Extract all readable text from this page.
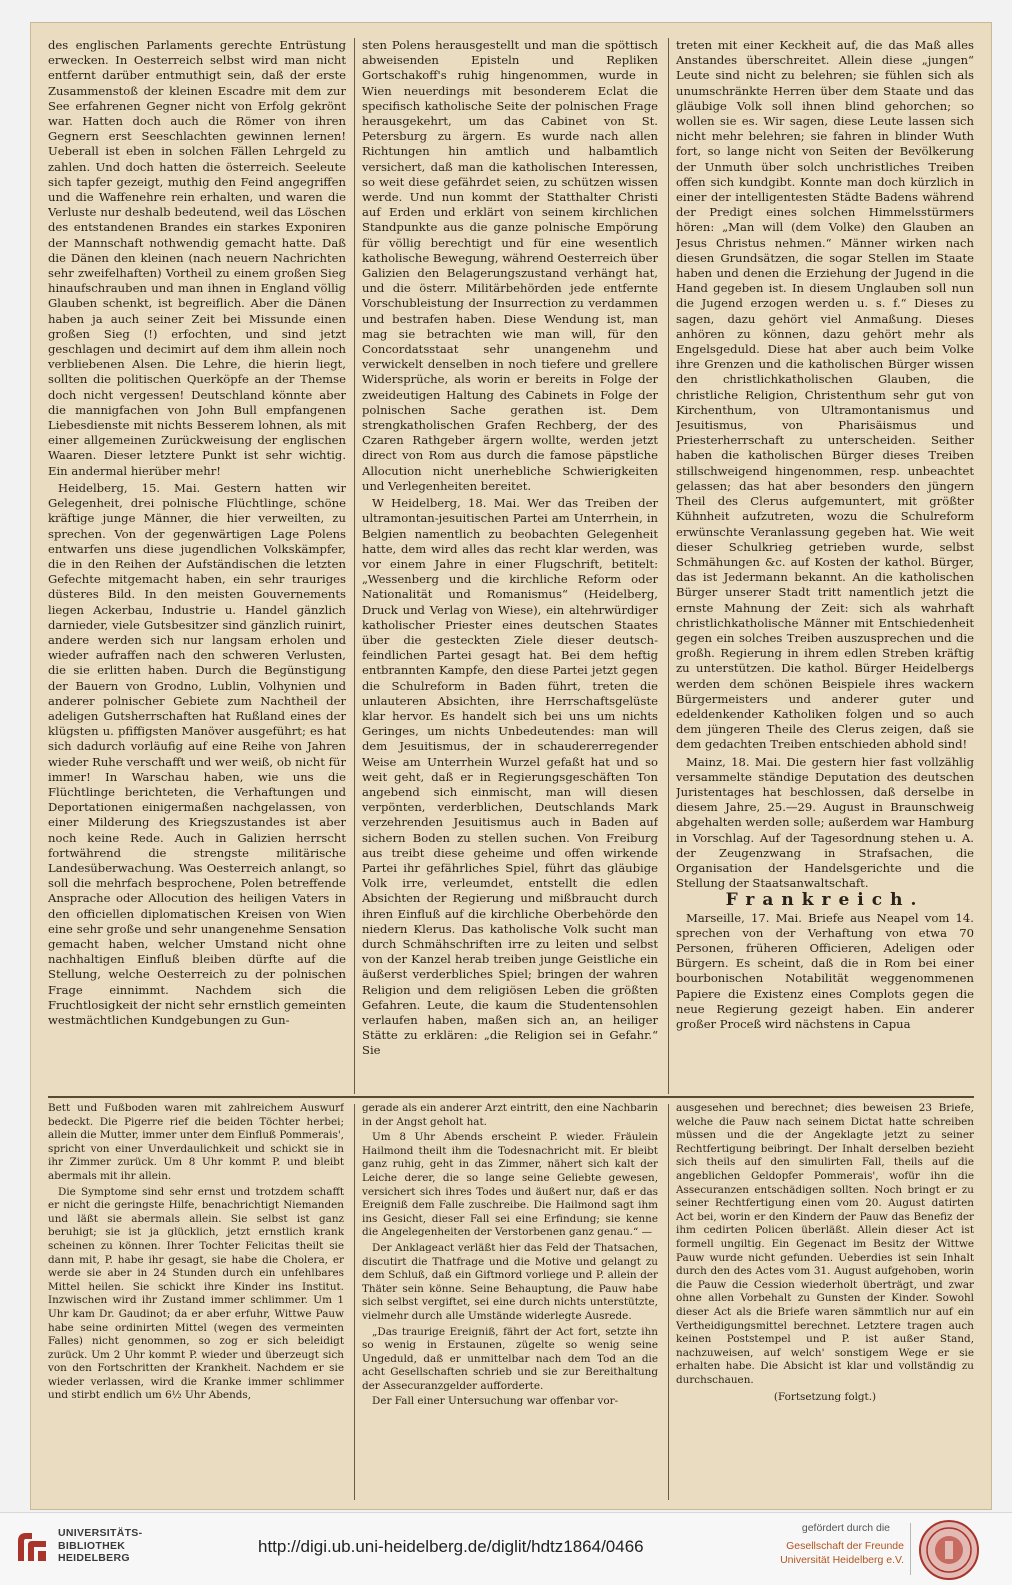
des englischen Parlaments gerechte Entrüstung erwecken. In Oesterreich selbst wird man nicht entfernt darüber entmuthigt sein, daß der erste Zusammenstoß der kleinen Escadre mit dem zur See erfahrenen Gegner nicht von Erfolg gekrönt war. Hatten doch auch die Römer von ihren Gegnern erst Seeschlachten gewinnen lernen! Ueberall ist eben in solchen Fällen Lehrgeld zu zahlen. Und doch hatten die österreich. Seeleute sich tapfer gezeigt, muthig den Feind angegriffen und die Waffenehre rein erhalten, und waren die Verluste nur deshalb bedeutend, weil das Löschen des entstandenen Brandes ein starkes Exponiren der Mannschaft nothwendig gemacht hatte. Daß die Dänen den kleinen (nach neuern Nachrichten sehr zweifelhaften) Vortheil zu einem großen Sieg hinaufschrauben und man ihnen in England völlig Glauben schenkt, ist begreiflich. Aber die Dänen haben ja auch seiner Zeit bei Missunde einen großen Sieg (!) erfochten, und sind jetzt geschlagen und decimirt auf dem ihm allein noch verbliebenen Alsen. Die Lehre, die hierin liegt, sollten die politischen Querköpfe an der Themse doch nicht vergessen! Deutschland könnte aber die mannigfachen von John Bull empfangenen Liebesdienste mit nichts Besserem lohnen, als mit einer allgemeinen Zurückweisung der englischen Waaren. Dieser letztere Punkt ist sehr wichtig. Ein andermal hierüber mehr!

Heidelberg, 15. Mai. Gestern hatten wir Gelegenheit, drei polnische Flüchtlinge, schöne kräftige junge Männer, die hier verweilten, zu sprechen. Von der gegenwärtigen Lage Polens entwarfen uns diese jugendlichen Volkskämpfer, die in den Reihen der Aufständischen die letzten Gefechte mitgemacht haben, ein sehr trauriges düsteres Bild. In den meisten Gouvernements liegen Ackerbau, Industrie u. Handel gänzlich darnieder, viele Gutsbesitzer sind gänzlich ruinirt, andere werden sich nur langsam erholen und wieder aufraffen nach den schweren Verlusten, die sie erlitten haben. Durch die Begünstigung der Bauern von Grodno, Lublin, Volhynien und anderer polnischer Gebiete zum Nachtheil der adeligen Gutsherrschaften hat Rußland eines der klügsten u. pfiffigsten Manöver ausgeführt; es hat sich dadurch vorläufig auf eine Reihe von Jahren wieder Ruhe verschafft und wer weiß, ob nicht für immer! In Warschau haben, wie uns die Flüchtlinge berichteten, die Verhaftungen und Deportationen einigermaßen nachgelassen, von einer Milderung des Kriegszustandes ist aber noch keine Rede. Auch in Galizien herrscht fortwährend die strengste militärische Landesüberwachung. Was Oesterreich anlangt, so soll die mehrfach besprochene, Polen betreffende Ansprache oder Allocution des heiligen Vaters in den officiellen diplomatischen Kreisen von Wien eine sehr große und sehr unangenehme Sensation gemacht haben, welcher Umstand nicht ohne nachhaltigen Einfluß bleiben dürfte auf die Stellung, welche Oesterreich zu der polnischen Frage einnimmt. Nachdem sich die Fruchtlosigkeit der nicht sehr ernstlich gemeinten westmächtlichen Kundgebungen zu Gun-

sten Polens herausgestellt und man die spöttisch abweisenden Episteln und Repliken Gortschakoff's ruhig hingenommen, wurde in Wien neuerdings mit besonderem Eclat die specifisch katholische Seite der polnischen Frage herausgekehrt, um das Cabinet von St. Petersburg zu ärgern. Es wurde nach allen Richtungen hin amtlich und halbamtlich versichert, daß man die katholischen Interessen, so weit diese gefährdet seien, zu schützen wissen werde. Und nun kommt der Statthalter Christi auf Erden und erklärt von seinem kirchlichen Standpunkte aus die ganze polnische Empörung für völlig berechtigt und für eine wesentlich katholische Bewegung, während Oesterreich über Galizien den Belagerungszustand verhängt hat, und die österr. Militärbehörden jede entfernte Vorschubleistung der Insurrection zu verdammen und bestrafen haben. Diese Wendung ist, man mag sie betrachten wie man will, für den Concordatsstaat sehr unangenehm und verwickelt denselben in noch tiefere und grellere Widersprüche, als worin er bereits in Folge der zweideutigen Haltung des Cabinets in Folge der polnischen Sache gerathen ist. Dem strengkatholischen Grafen Rechberg, der des Czaren Rathgeber ärgern wollte, werden jetzt direct von Rom aus durch die famose päpstliche Allocution nicht unerhebliche Schwierigkeiten und Verlegenheiten bereitet.

W Heidelberg, 18. Mai. Wer das Treiben der ultramontan-jesuitischen Partei am Unterrhein, in Belgien namentlich zu beobachten Gelegenheit hatte, dem wird alles das recht klar werden, was vor einem Jahre in einer Flugschrift, betitelt: „Wessenberg und die kirchliche Reform oder Nationalität und Romanismus“ (Heidelberg, Druck und Verlag von Wiese), ein altehrwürdiger katholischer Priester eines deutschen Staates über die gesteckten Ziele dieser deutsch-feindlichen Partei gesagt hat. Bei dem heftig entbrannten Kampfe, den diese Partei jetzt gegen die Schulreform in Baden führt, treten die unlauteren Absichten, ihre Herrschaftsgelüste klar hervor. Es handelt sich bei uns um nichts Geringes, um nichts Unbedeutendes: man will dem Jesuitismus, der in schaudererregender Weise am Unterrhein Wurzel gefaßt hat und so weit geht, daß er in Regierungsgeschäften Ton angebend sich einmischt, man will diesen verpönten, verderblichen, Deutschlands Mark verzehrenden Jesuitismus auch in Baden auf sichern Boden zu stellen suchen. Von Freiburg aus treibt diese geheime und offen wirkende Partei ihr gefährliches Spiel, führt das gläubige Volk irre, verleumdet, entstellt die edlen Absichten der Regierung und mißbraucht durch ihren Einfluß auf die kirchliche Oberbehörde den niedern Klerus. Das katholische Volk sucht man durch Schmähschriften irre zu leiten und selbst von der Kanzel herab treiben junge Geistliche ein äußerst verderbliches Spiel; bringen der wahren Religion und dem religiösen Leben die größten Gefahren. Leute, die kaum die Studentensohlen verlaufen haben, maßen sich an, an heiliger Stätte zu erklären: „die Religion sei in Gefahr.“ Sie

treten mit einer Keckheit auf, die das Maß alles Anstandes überschreitet. Allein diese „jungen“ Leute sind nicht zu belehren; sie fühlen sich als unumschränkte Herren über dem Staate und das gläubige Volk soll ihnen blind gehorchen; so wollen sie es. Wir sagen, diese Leute lassen sich nicht mehr belehren; sie fahren in blinder Wuth fort, so lange nicht von Seiten der Bevölkerung der Unmuth über solch unchristliches Treiben offen sich kundgibt. Konnte man doch kürzlich in einer der intelligentesten Städte Badens während der Predigt eines solchen Himmelsstürmers hören: „Man will (dem Volke) den Glauben an Jesus Christus nehmen.“ Männer wirken nach diesen Grundsätzen, die sogar Stellen im Staate haben und denen die Erziehung der Jugend in die Hand gegeben ist. In diesem Unglauben soll nun die Jugend erzogen werden u. s. f.“ Dieses zu sagen, dazu gehört viel Anmaßung. Dieses anhören zu können, dazu gehört mehr als Engelsgeduld. Diese hat aber auch beim Volke ihre Grenzen und die katholischen Bürger wissen den christlichkatholischen Glauben, die christliche Religion, Christenthum sehr gut von Kirchenthum, von Ultramontanismus und Jesuitismus, von Pharisäismus und Priesterherrschaft zu unterscheiden. Seither haben die katholischen Bürger dieses Treiben stillschweigend hingenommen, resp. unbeachtet gelassen; das hat aber besonders den jüngern Theil des Clerus aufgemuntert, mit größter Kühnheit aufzutreten, wozu die Schulreform erwünschte Veranlassung gegeben hat. Wie weit dieser Schulkrieg getrieben wurde, selbst Schmähungen &c. auf Kosten der kathol. Bürger, das ist Jedermann bekannt. An die katholischen Bürger unserer Stadt tritt namentlich jetzt die ernste Mahnung der Zeit: sich als wahrhaft christlichkatholische Männer mit Entschiedenheit gegen ein solches Treiben auszusprechen und die großh. Regierung in ihrem edlen Streben kräftig zu unterstützen. Die kathol. Bürger Heidelbergs werden dem schönen Beispiele ihres wackern Bürgermeisters und anderer guter und edeldenkender Katholiken folgen und so auch dem jüngeren Theile des Clerus zeigen, daß sie dem gedachten Treiben entschieden abhold sind!

Mainz, 18. Mai. Die gestern hier fast vollzählig versammelte ständige Deputation des deutschen Juristentages hat beschlossen, daß derselbe in diesem Jahre, 25.—29. August in Braunschweig abgehalten werden solle; außerdem war Hamburg in Vorschlag. Auf der Tagesordnung stehen u. A. der Zeugenzwang in Strafsachen, die Organisation der Handelsgerichte und die Stellung der Staatsanwaltschaft.

Frankreich.

Marseille, 17. Mai. Briefe aus Neapel vom 14. sprechen von der Verhaftung von etwa 70 Personen, früheren Officieren, Adeligen oder Bürgern. Es scheint, daß die in Rom bei einer bourbonischen Notabilität weggenommenen Papiere die Existenz eines Complots gegen die neue Regierung gezeigt haben. Ein anderer großer Proceß wird nächstens in Capua

Bett und Fußboden waren mit zahlreichem Auswurf bedeckt. Die Pigerre rief die beiden Töchter herbei; allein die Mutter, immer unter dem Einfluß Pommerais', spricht von einer Unverdaulichkeit und schickt sie in ihr Zimmer zurück. Um 8 Uhr kommt P. und bleibt abermals mit ihr allein.

Die Symptome sind sehr ernst und trotzdem schafft er nicht die geringste Hilfe, benachrichtigt Niemanden und läßt sie abermals allein. Sie selbst ist ganz beruhigt; sie ist ja glücklich, jetzt ernstlich krank scheinen zu können. Ihrer Tochter Felicitas theilt sie dann mit, P. habe ihr gesagt, sie habe die Cholera, er werde sie aber in 24 Stunden durch ein unfehlbares Mittel heilen. Sie schickt ihre Kinder ins Institut. Inzwischen wird ihr Zustand immer schlimmer. Um 1 Uhr kam Dr. Gaudinot; da er aber erfuhr, Wittwe Pauw habe seine ordinirten Mittel (wegen des vermeinten Falles) nicht genommen, so zog er sich beleidigt zurück. Um 2 Uhr kommt P. wieder und überzeugt sich von den Fortschritten der Krankheit. Nachdem er sie wieder verlassen, wird die Kranke immer schlimmer und stirbt endlich um 6½ Uhr Abends,

gerade als ein anderer Arzt eintritt, den eine Nachbarin in der Angst geholt hat.

Um 8 Uhr Abends erscheint P. wieder. Fräulein Hailmond theilt ihm die Todesnachricht mit. Er bleibt ganz ruhig, geht in das Zimmer, nähert sich kalt der Leiche derer, die so lange seine Geliebte gewesen, versichert sich ihres Todes und äußert nur, daß er das Ereigniß dem Falle zuschreibe. Die Hailmond sagt ihm ins Gesicht, dieser Fall sei eine Erfindung; sie kenne die Angelegenheiten der Verstorbenen ganz genau.“ —

Der Anklageact verläßt hier das Feld der Thatsachen, discutirt die Thatfrage und die Motive und gelangt zu dem Schluß, daß ein Giftmord vorliege und P. allein der Thäter sein könne. Seine Behauptung, die Pauw habe sich selbst vergiftet, sei eine durch nichts unterstützte, vielmehr durch alle Umstände widerlegte Ausrede.

„Das traurige Ereigniß, fährt der Act fort, setzte ihn so wenig in Erstaunen, zügelte so wenig seine Ungeduld, daß er unmittelbar nach dem Tod an die acht Gesellschaften schrieb und sie zur Bereithaltung der Assecuranzgelder aufforderte.

Der Fall einer Untersuchung war offenbar vor-

ausgesehen und berechnet; dies beweisen 23 Briefe, welche die Pauw nach seinem Dictat hatte schreiben müssen und die der Angeklagte jetzt zu seiner Rechtfertigung beibringt. Der Inhalt derselben bezieht sich theils auf den simulirten Fall, theils auf die angeblichen Geldopfer Pommerais', wofür ihn die Assecuranzen entschädigen sollten. Noch bringt er zu seiner Rechtfertigung einen vom 20. August datirten Act bei, worin er den Kindern der Pauw das Benefiz der ihm cedirten Policen überläßt. Allein dieser Act ist formell ungiltig. Ein Gegenact im Besitz der Wittwe Pauw wurde nicht gefunden. Ueberdies ist sein Inhalt durch den des Actes vom 31. August aufgehoben, worin die Pauw die Cession wiederholt überträgt, und zwar ohne allen Vorbehalt zu Gunsten der Kinder. Sowohl dieser Act als die Briefe waren sämmtlich nur auf ein Vertheidigungsmittel berechnet. Letztere tragen auch keinen Poststempel und P. ist außer Stand, nachzuweisen, auf welch' sonstigem Wege er sie erhalten habe. Die Absicht ist klar und vollständig zu durchschauen.

(Fortsetzung folgt.)

UNIVERSITÄTS-
BIBLIOTHEK
HEIDELBERG
http://digi.ub.uni-heidelberg.de/diglit/hdtz1864/0466
gefördert durch die
Gesellschaft der Freunde
Universität Heidelberg e.V.
